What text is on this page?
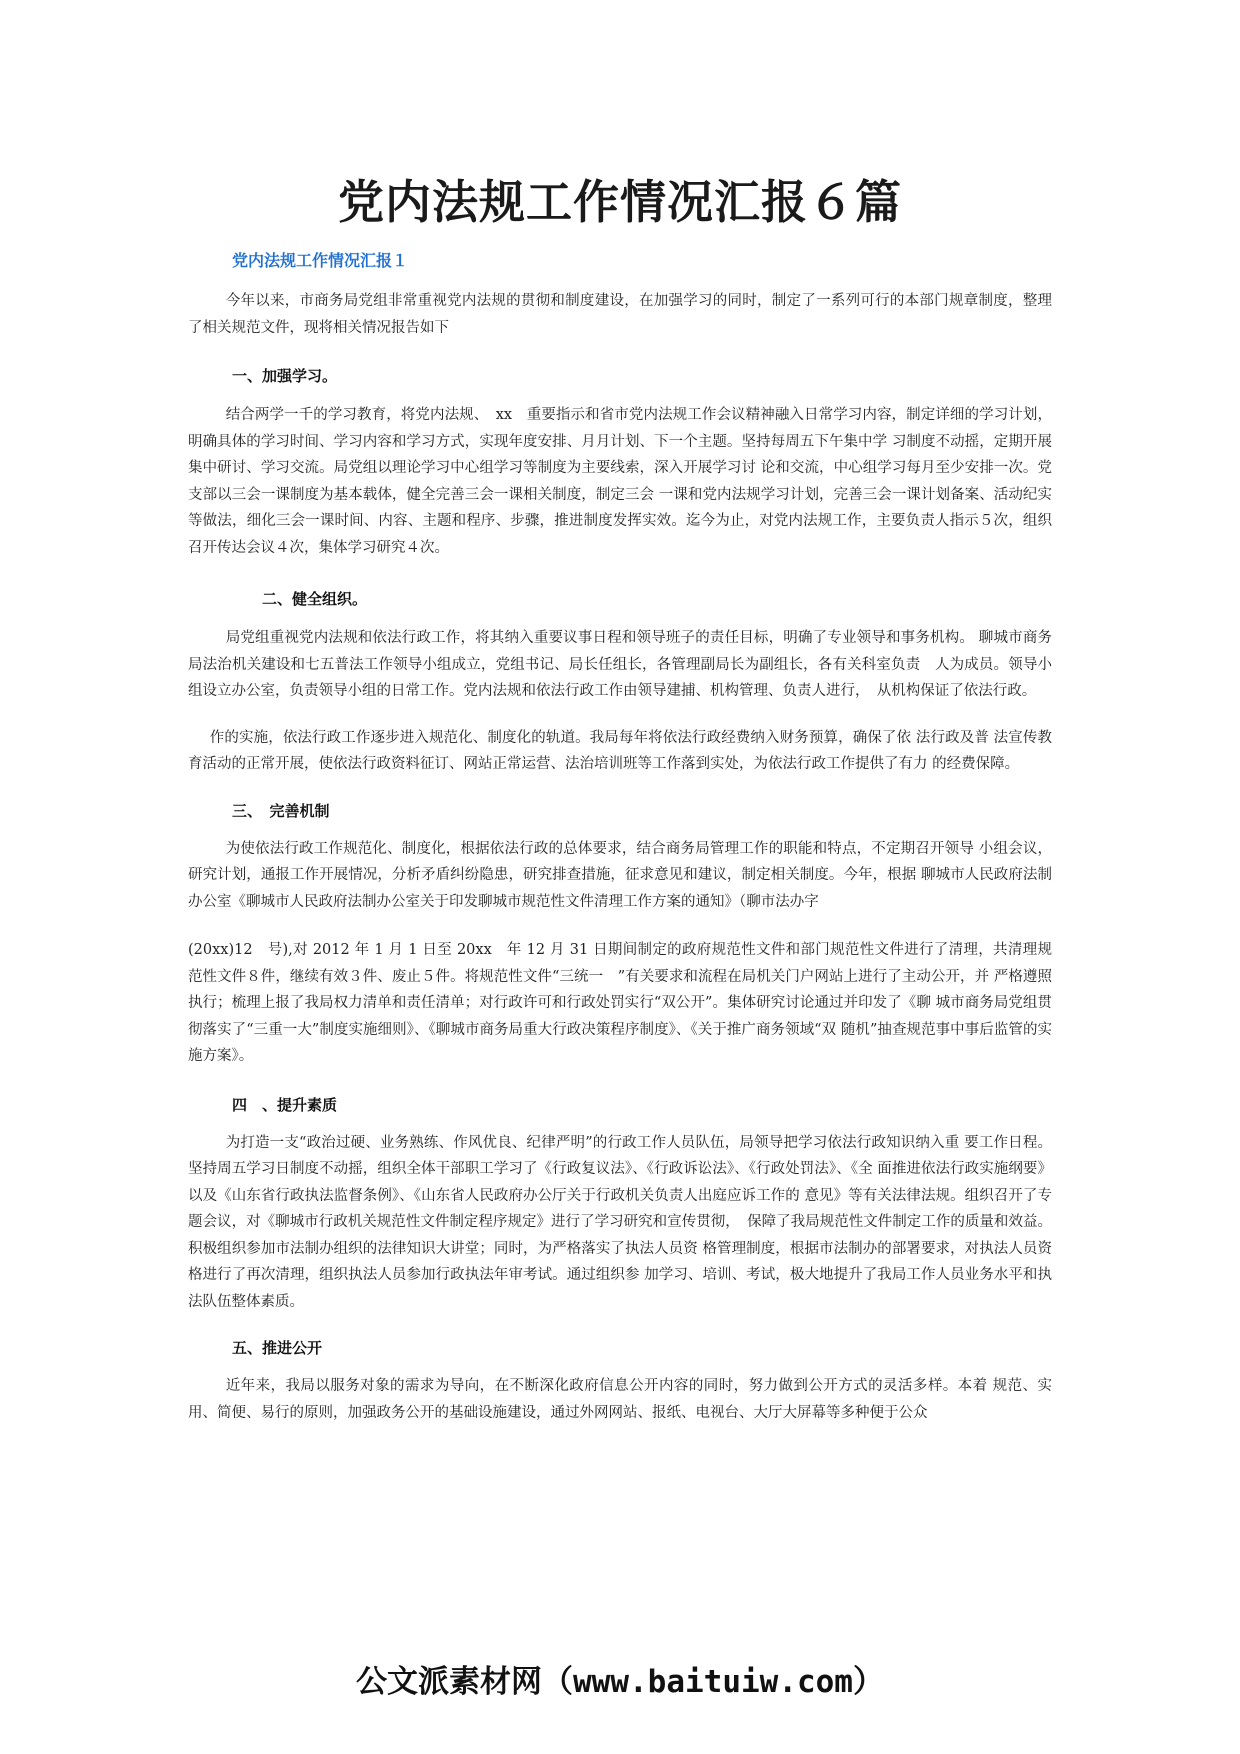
党内法规工作情况汇报６篇

党内法规工作情况汇报１

今年以来，市商务局党组非常重视党内法规的贯彻和制度建设，在加强学习的同时，制定了一系列可行的本部门规章制度，整理了相关规范文件，现将相关情况报告如下

一、加强学习。

结合两学一千的学习教育，将党内法规、　xx　重要指示和省市党内法规工作会议精神融入日常学习内容，制定详细的学习计划，明确具体的学习时间、学习内容和学习方式，实现年度安排、月月计划、下一个主题。坚持每周五下午集中学 习制度不动摇，定期开展集中研讨、学习交流。局党组以理论学习中心组学习等制度为主要线索，深入开展学习讨 论和交流，中心组学习每月至少安排一次。党支部以三会一课制度为基本载体，健全完善三会一课相关制度，制定三会 一课和党内法规学习计划，完善三会一课计划备案、活动纪实等做法，细化三会一课时间、内容、主题和程序、步骤，推进制度发挥实效。迄今为止，对党内法规工作，主要负责人指示５次，组织召开传达会议４次，集体学习研究４次。

二、健全组织。

局党组重视党内法规和依法行政工作，将其纳入重要议事日程和领导班子的责任目标，明确了专业领导和事务机构。 聊城市商务局法治机关建设和七五普法工作领导小组成立，党组书记、局长任组长，各管理副局长为副组长，各有关科室负责　人为成员。领导小组设立办公室，负责领导小组的日常工作。党内法规和依法行政工作由领导建捕、机构管理、负责人进行，　从机构保证了依法行政。

作的实施，依法行政工作逐步进入规范化、制度化的轨道。我局每年将依法行政经费纳入财务预算，确保了依 法行政及普 法宣传教育活动的正常开展，使依法行政资料征订、网站正常运营、法治培训班等工作落到实处，为依法行政工作提供了有力 的经费保障。

三、　完善机制

为使依法行政工作规范化、制度化，根据依法行政的总体要求，结合商务局管理工作的职能和特点，不定期召开领导 小组会议，研究计划，通报工作开展情况，分析矛盾纠纷隐患，研究排查措施，征求意见和建议，制定相关制度。今年，根据 聊城市人民政府法制办公室《聊城市人民政府法制办公室关于印发聊城市规范性文件清理工作方案的通知》（聊市法办字

(20xx)12　号),对 2012 年 1 月 1 日至 20xx　年 12 月 31 日期间制定的政府规范性文件和部门规范性文件进行了清理，共清理规 范性文件８件，继续有效３件、废止５件。将规范性文件“三统一　”有关要求和流程在局机关门户网站上进行了主动公开，并 严格遵照执行；梳理上报了我局权力清单和责任清单；对行政许可和行政处罚实行“双公开”。集体研究讨论通过并印发了《聊 城市商务局党组贯彻落实了“三重一大”制度实施细则》、《聊城市商务局重大行政决策程序制度》、《关于推广商务领域“双 随机”抽查规范事中事后监管的实施方案》。

四　、提升素质

为打造一支“政治过硬、业务熟练、作风优良、纪律严明”的行政工作人员队伍，局领导把学习依法行政知识纳入重 要工作日程。坚持周五学习日制度不动摇，组织全体干部职工学习了《行政复议法》、《行政诉讼法》、《行政处罚法》、《全 面推进依法行政实施纲要》以及《山东省行政执法监督条例》、《山东省人民政府办公厅关于行政机关负责人出庭应诉工作的 意见》等有关法律法规。组织召开了专题会议，对《聊城市行政机关规范性文件制定程序规定》进行了学习研究和宣传贯彻，　保障了我局规范性文件制定工作的质量和效益。积极组织参加市法制办组织的法律知识大讲堂；同时，为严格落实了执法人员资 格管理制度，根据市法制办的部署要求，对执法人员资格进行了再次清理，组织执法人员参加行政执法年审考试。通过组织参 加学习、培训、考试，极大地提升了我局工作人员业务水平和执法队伍整体素质。

五、推进公开

近年来，我局以服务对象的需求为导向，在不断深化政府信息公开内容的同时，努力做到公开方式的灵活多样。本着 规范、实用、简便、易行的原则，加强政务公开的基础设施建设，通过外网网站、报纸、电视台、大厅大屏幕等多种便于公众

公文派素材网（www.baituiw.com）
